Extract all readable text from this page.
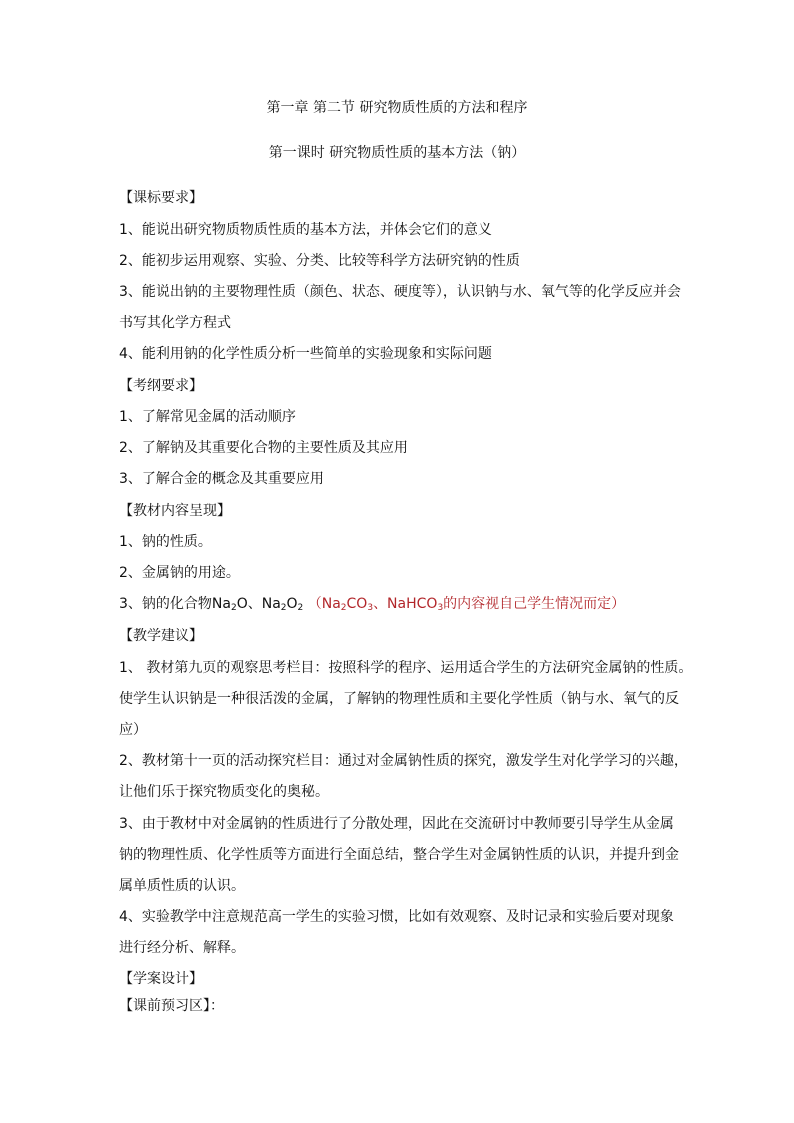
第一章 第二节 研究物质性质的方法和程序
第一课时 研究物质性质的基本方法（钠）
【课标要求】
1、能说出研究物质物质性质的基本方法，并体会它们的意义
2、能初步运用观察、实验、分类、比较等科学方法研究钠的性质
3、能说出钠的主要物理性质（颜色、状态、硬度等），认识钠与水、氧气等的化学反应并会
书写其化学方程式
4、能利用钠的化学性质分析一些简单的实验现象和实际问题
【考纲要求】
1、了解常见金属的活动顺序
2、了解钠及其重要化合物的主要性质及其应用
3、了解合金的概念及其重要应用
【教材内容呈现】
1、钠的性质。
2、金属钠的用途。
3、钠的化合物$Na_2O$、$Na_2O_2$ （$Na_2CO_3$、NaHCO$_3$的内容视自己学生情况而定）
【教学建议】
1、 教材第九页的观察思考栏目：按照科学的程序、运用适合学生的方法研究金属钠的性质。
使学生认识钠是一种很活泼的金属，了解钠的物理性质和主要化学性质（钠与水、氧气的反
应）
2、教材第十一页的活动探究栏目：通过对金属钠性质的探究，激发学生对化学学习的兴趣，
让他们乐于探究物质变化的奥秘。
3、由于教材中对金属钠的性质进行了分散处理，因此在交流研讨中教师要引导学生从金属
钠的物理性质、化学性质等方面进行全面总结，整合学生对金属钠性质的认识，并提升到金
属单质性质的认识。
4、实验教学中注意规范高一学生的实验习惯，比如有效观察、及时记录和实验后要对现象
进行经分析、解释。
【学案设计】
【课前预习区】：
